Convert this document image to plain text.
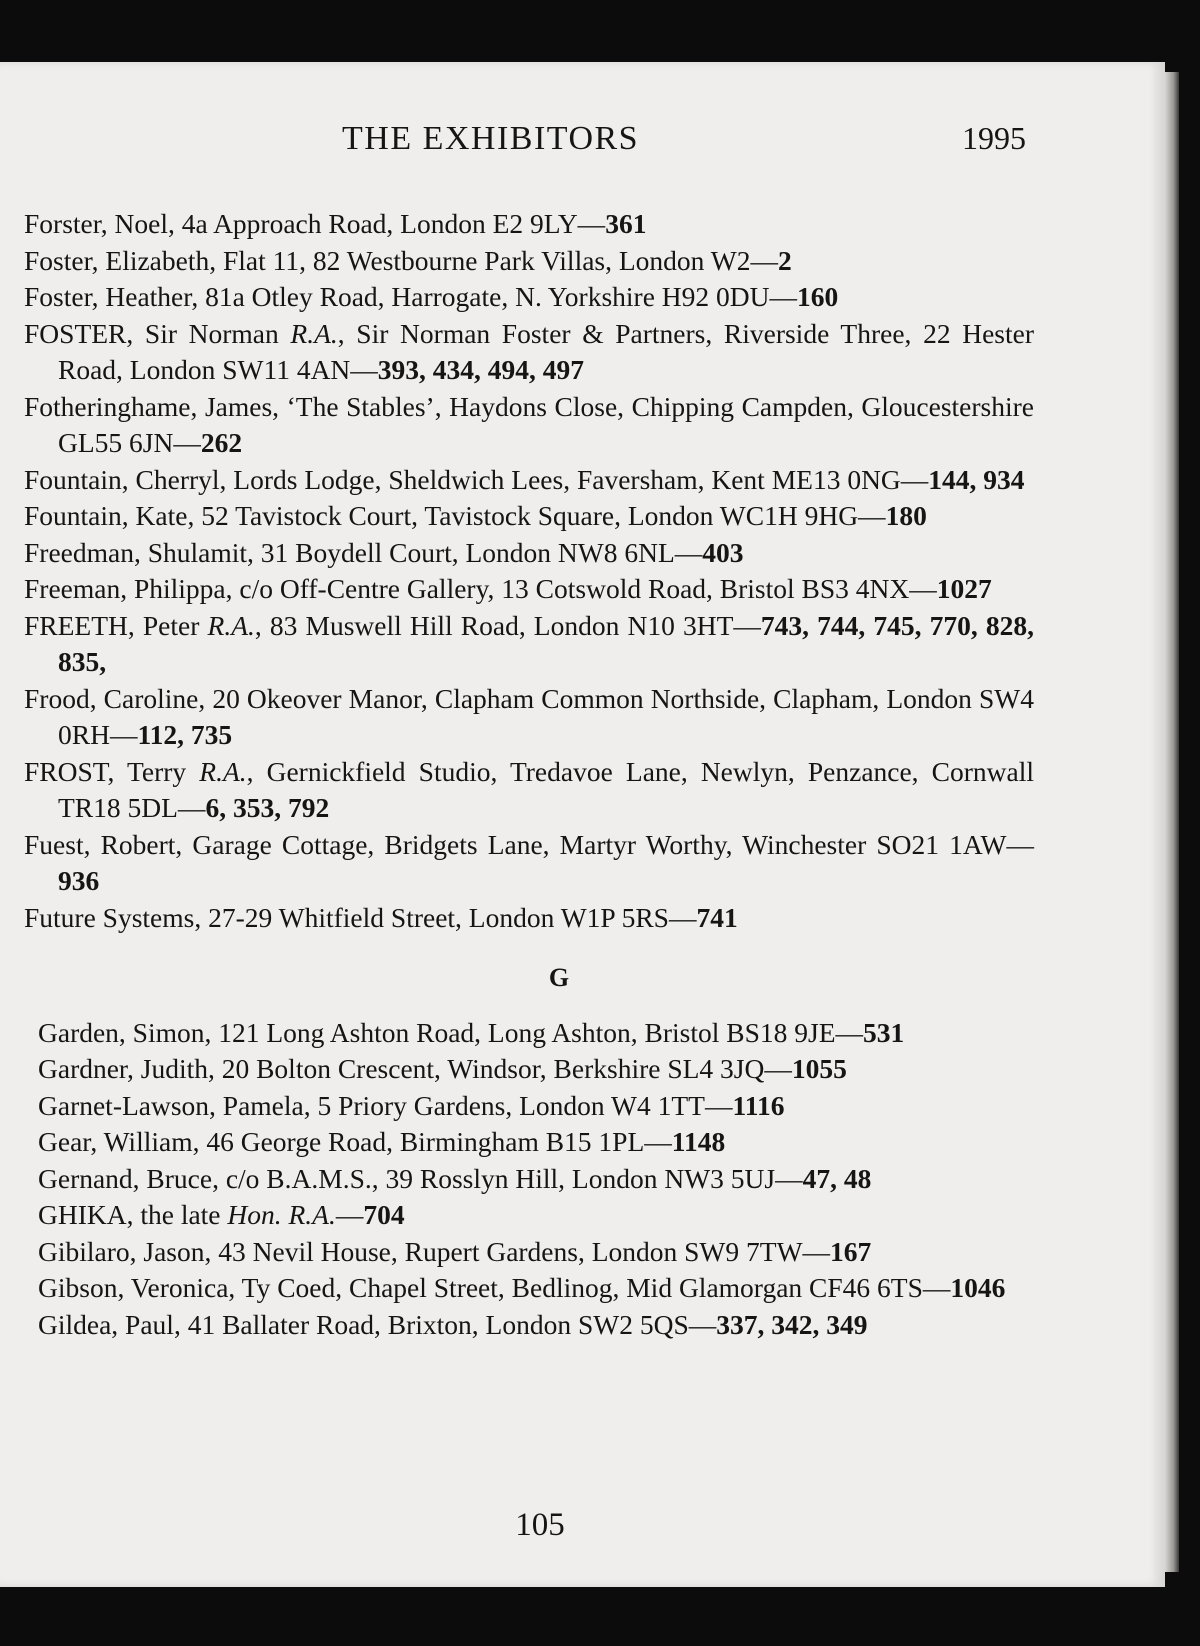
THE EXHIBITORS	1995

Forster, Noel, 4a Approach Road, London E2 9LY—361

Foster, Elizabeth, Flat 11, 82 Westbourne Park Villas, London W2—2

Foster, Heather, 81a Otley Road, Harrogate, N. Yorkshire H92 0DU—160

FOSTER, Sir Norman R.A., Sir Norman Foster & Partners, Riverside Three, 22 Hester Road, London SW11 4AN—393, 434, 494, 497

Fotheringhame, James, ‘The Stables’, Haydons Close, Chipping Campden, Gloucestershire GL55 6JN—262

Fountain, Cherryl, Lords Lodge, Sheldwich Lees, Faversham, Kent ME13 0NG—144, 934

Fountain, Kate, 52 Tavistock Court, Tavistock Square, London WC1H 9HG—180

Freedman, Shulamit, 31 Boydell Court, London NW8 6NL—403

Freeman, Philippa, c/o Off-Centre Gallery, 13 Cotswold Road, Bristol BS3 4NX—1027

FREETH, Peter R.A., 83 Muswell Hill Road, London N10 3HT—743, 744, 745, 770, 828, 835,

Frood, Caroline, 20 Okeover Manor, Clapham Common Northside, Clapham, London SW4 0RH—112, 735

FROST, Terry R.A., Gernickfield Studio, Tredavoe Lane, Newlyn, Penzance, Cornwall TR18 5DL—6, 353, 792

Fuest, Robert, Garage Cottage, Bridgets Lane, Martyr Worthy, Winchester SO21 1AW—936

Future Systems, 27-29 Whitfield Street, London W1P 5RS—741

G

Garden, Simon, 121 Long Ashton Road, Long Ashton, Bristol BS18 9JE—531

Gardner, Judith, 20 Bolton Crescent, Windsor, Berkshire SL4 3JQ—1055

Garnet-Lawson, Pamela, 5 Priory Gardens, London W4 1TT—1116

Gear, William, 46 George Road, Birmingham B15 1PL—1148

Gernand, Bruce, c/o B.A.M.S., 39 Rosslyn Hill, London NW3 5UJ—47, 48

GHIKA, the late Hon. R.A.—704

Gibilaro, Jason, 43 Nevil House, Rupert Gardens, London SW9 7TW—167

Gibson, Veronica, Ty Coed, Chapel Street, Bedlinog, Mid Glamorgan CF46 6TS—1046

Gildea, Paul, 41 Ballater Road, Brixton, London SW2 5QS—337, 342, 349

105
